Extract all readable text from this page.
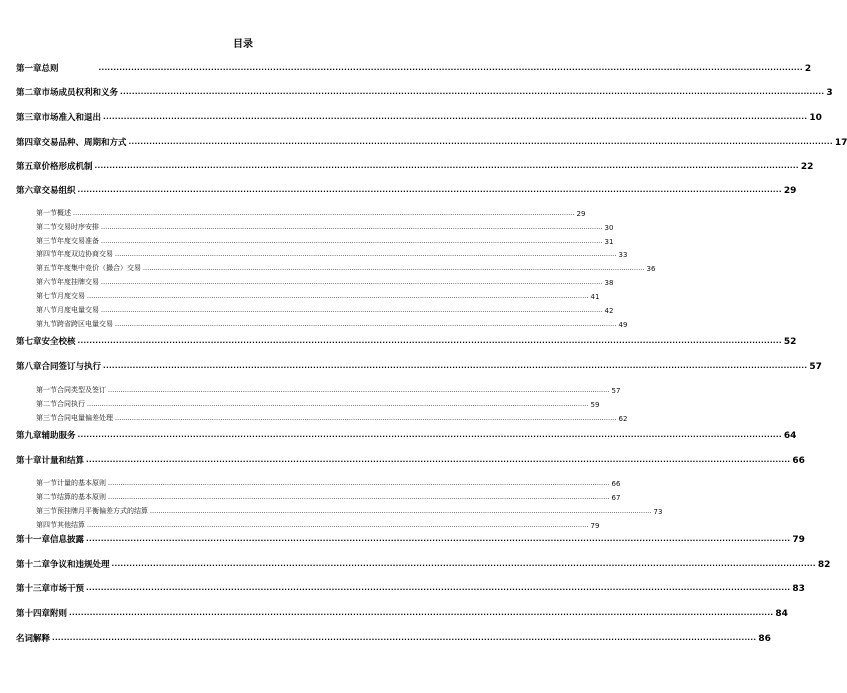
目录
第一章 总则	.............................................................................................................................................................................................................................................. 2
第二章 市场成员权利和义务 .............................................................................................................................................................................................................................................. 3
第三章 市场准入和退出 .............................................................................................................................................................................................................................................. 10
第四章 交易品种、周期和方式 .............................................................................................................................................................................................................................................. 17
第五章 价格形成机制 .............................................................................................................................................................................................................................................. 22
第六章 交易组织 .............................................................................................................................................................................................................................................. 29
第一节 概述 .............................................................................................................................................................................................................................................. 29
第二节 交易时序安排 .............................................................................................................................................................................................................................................. 30
第三节 年度交易准备 .............................................................................................................................................................................................................................................. 31
第四节 年度双边协商交易 .............................................................................................................................................................................................................................................. 33
第五节 年度集中竞价（撮合）交易 .............................................................................................................................................................................................................................................. 36
第六节 年度挂牌交易 .............................................................................................................................................................................................................................................. 38
第七节 月度交易 .............................................................................................................................................................................................................................................. 41
第八节 月度电量交易 .............................................................................................................................................................................................................................................. 42
第九节 跨省跨区电量交易 .............................................................................................................................................................................................................................................. 49
第七章 安全校核 .............................................................................................................................................................................................................................................. 52
第八章 合同签订与执行 .............................................................................................................................................................................................................................................. 57
第一节 合同类型及签订 .............................................................................................................................................................................................................................................. 57
第二节 合同执行 .............................................................................................................................................................................................................................................. 59
第三节 合同电量偏差处理 .............................................................................................................................................................................................................................................. 62
第九章 辅助服务 .............................................................................................................................................................................................................................................. 64
第十章 计量和结算 .............................................................................................................................................................................................................................................. 66
第一节 计量的基本原则 .............................................................................................................................................................................................................................................. 66
第二节 结算的基本原则 .............................................................................................................................................................................................................................................. 67
第三节 预挂牌月平衡偏差方式的结算 .............................................................................................................................................................................................................................................. 73
第四节 其他结算 .............................................................................................................................................................................................................................................. 79
第十一章 信息披露 .............................................................................................................................................................................................................................................. 79
第十二章 争议和违规处理 .............................................................................................................................................................................................................................................. 82
第十三章 市场干预 .............................................................................................................................................................................................................................................. 83
第十四章 附则 .............................................................................................................................................................................................................................................. 84
名词解释 .............................................................................................................................................................................................................................................. 86
